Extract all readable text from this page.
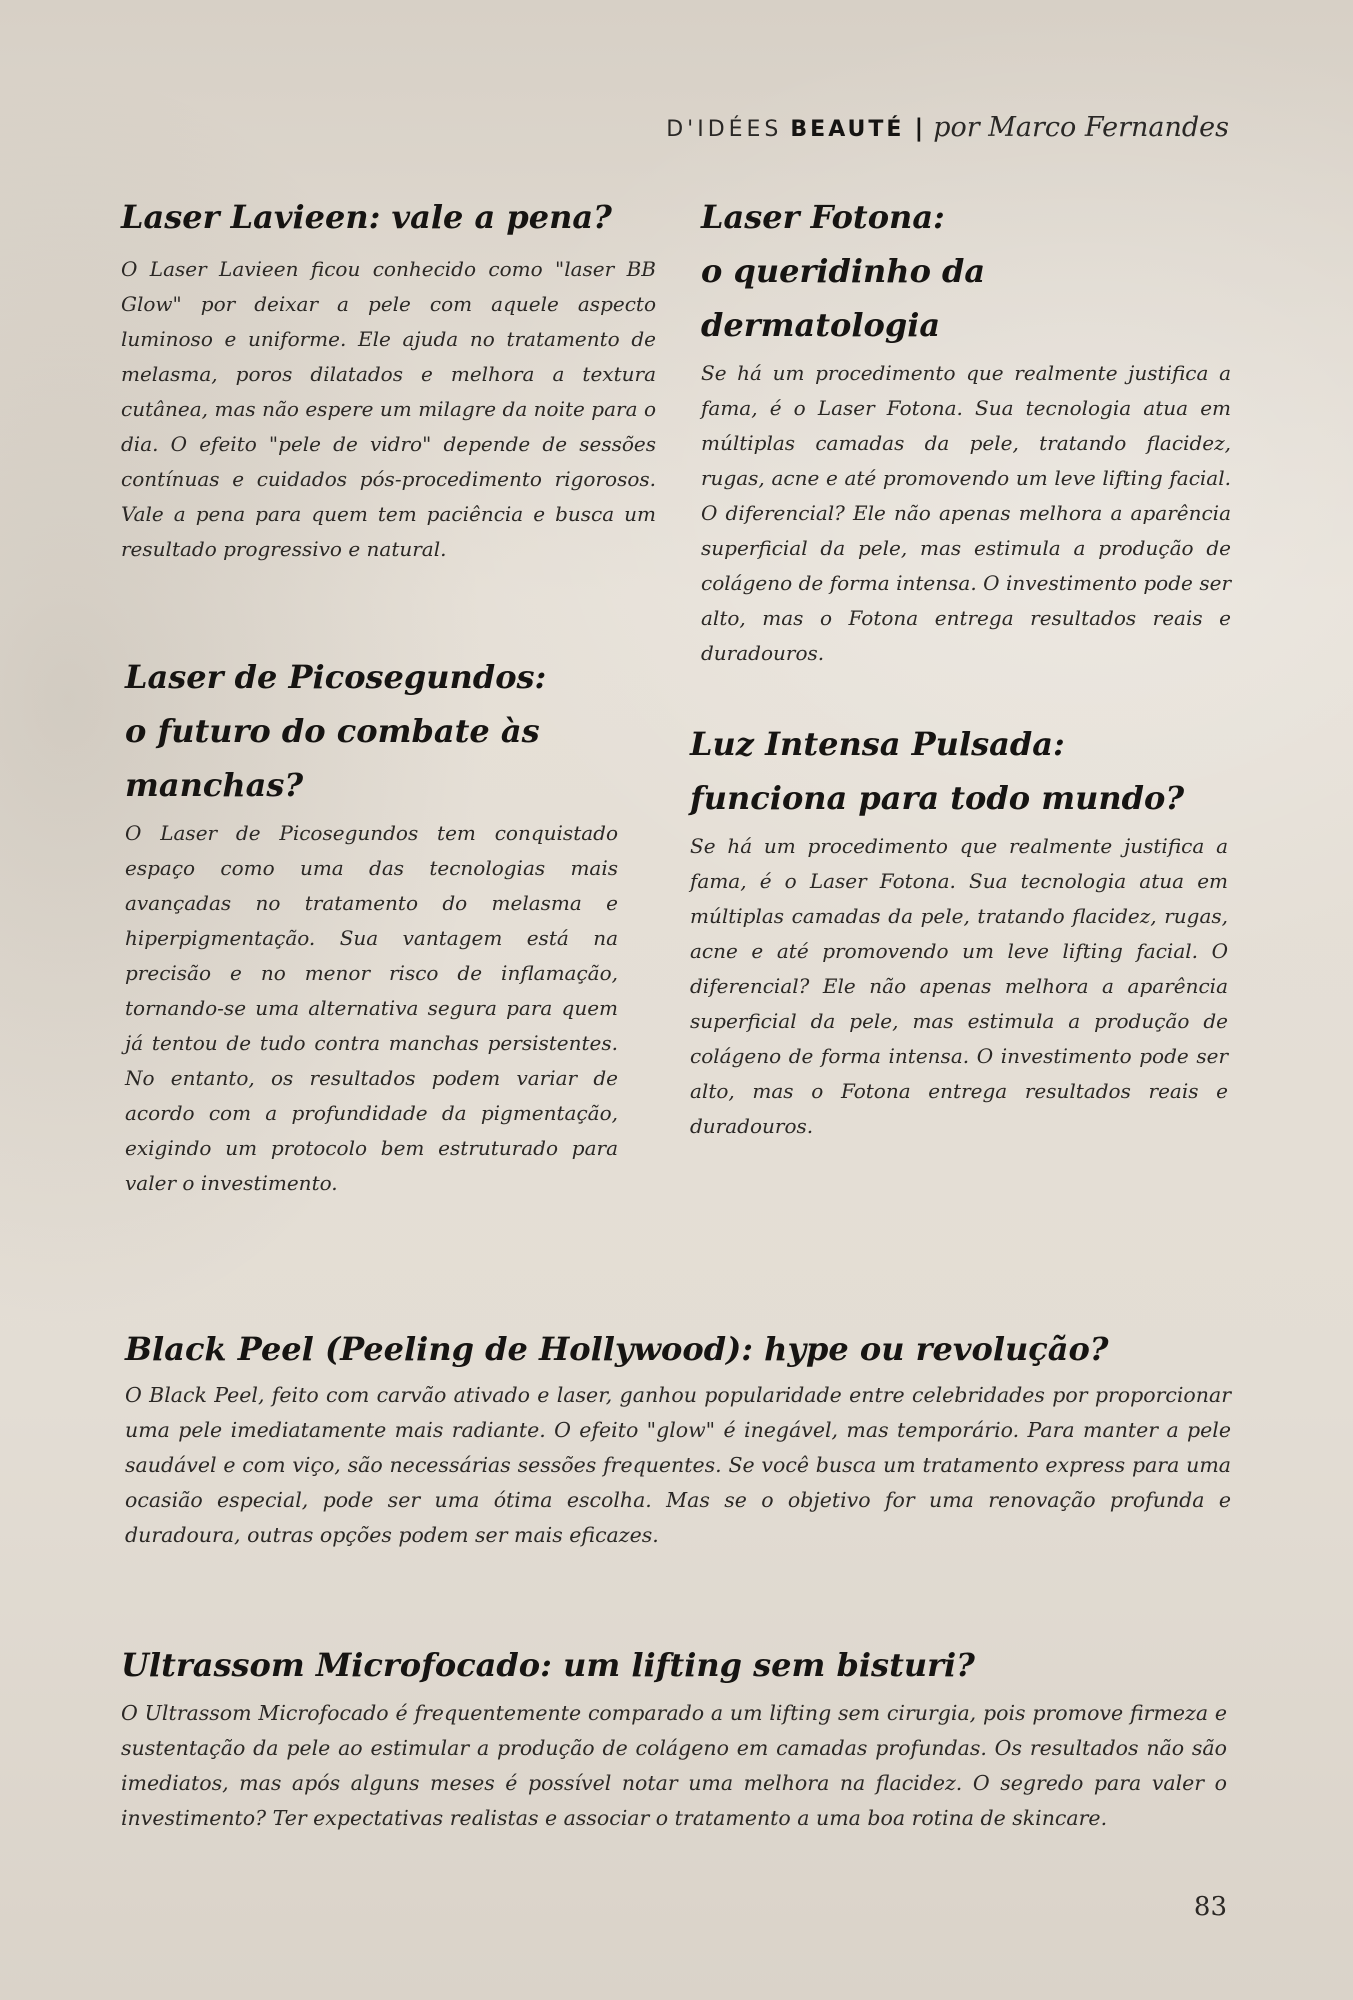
D'IDÉES BEAUTÉ | por Marco Fernandes
Laser Lavieen: vale a pena?

O Laser Lavieen ficou conhecido como "laser BB Glow" por deixar a pele com aquele aspecto luminoso e uniforme. Ele ajuda no tratamento de melasma, poros dilatados e melhora a textura cutânea, mas não espere um milagre da noite para o dia. O efeito "pele de vidro" depende de sessões contínuas e cuidados pós-procedimento rigorosos. Vale a pena para quem tem paciência e busca um resultado progressivo e natural.

Laser Fotona:
o queridinho da dermatologia

Se há um procedimento que realmente justifica a fama, é o Laser Fotona. Sua tecnologia atua em múltiplas camadas da pele, tratando flacidez, rugas, acne e até promovendo um leve lifting facial. O diferencial? Ele não apenas melhora a aparência superficial da pele, mas estimula a produção de colágeno de forma intensa. O investimento pode ser alto, mas o Fotona entrega resultados reais e duradouros.

Laser de Picosegundos:
o futuro do combate às
manchas?

O Laser de Picosegundos tem conquistado espaço como uma das tecnologias mais avançadas no tratamento do melasma e hiperpigmentação. Sua vantagem está na precisão e no menor risco de inflamação, tornando-se uma alternativa segura para quem já tentou de tudo contra manchas persistentes. No entanto, os resultados podem variar de acordo com a profundidade da pigmentação, exigindo um protocolo bem estruturado para valer o investimento.

Luz Intensa Pulsada:
funciona para todo mundo?

Se há um procedimento que realmente justifica a fama, é o Laser Fotona. Sua tecnologia atua em múltiplas camadas da pele, tratando flacidez, rugas, acne e até promovendo um leve lifting facial. O diferencial? Ele não apenas melhora a aparência superficial da pele, mas estimula a produção de colágeno de forma intensa. O investimento pode ser alto, mas o Fotona entrega resultados reais e duradouros.

Black Peel (Peeling de Hollywood): hype ou revolução?

O Black Peel, feito com carvão ativado e laser, ganhou popularidade entre celebridades por proporcionar uma pele imediatamente mais radiante. O efeito "glow" é inegável, mas temporário. Para manter a pele saudável e com viço, são necessárias sessões frequentes. Se você busca um tratamento express para uma ocasião especial, pode ser uma ótima escolha. Mas se o objetivo for uma renovação profunda e duradoura, outras opções podem ser mais eficazes.

Ultrassom Microfocado: um lifting sem bisturi?

O Ultrassom Microfocado é frequentemente comparado a um lifting sem cirurgia, pois promove firmeza e sustentação da pele ao estimular a produção de colágeno em camadas profundas. Os resultados não são imediatos, mas após alguns meses é possível notar uma melhora na flacidez. O segredo para valer o investimento? Ter expectativas realistas e associar o tratamento a uma boa rotina de skincare.

83
